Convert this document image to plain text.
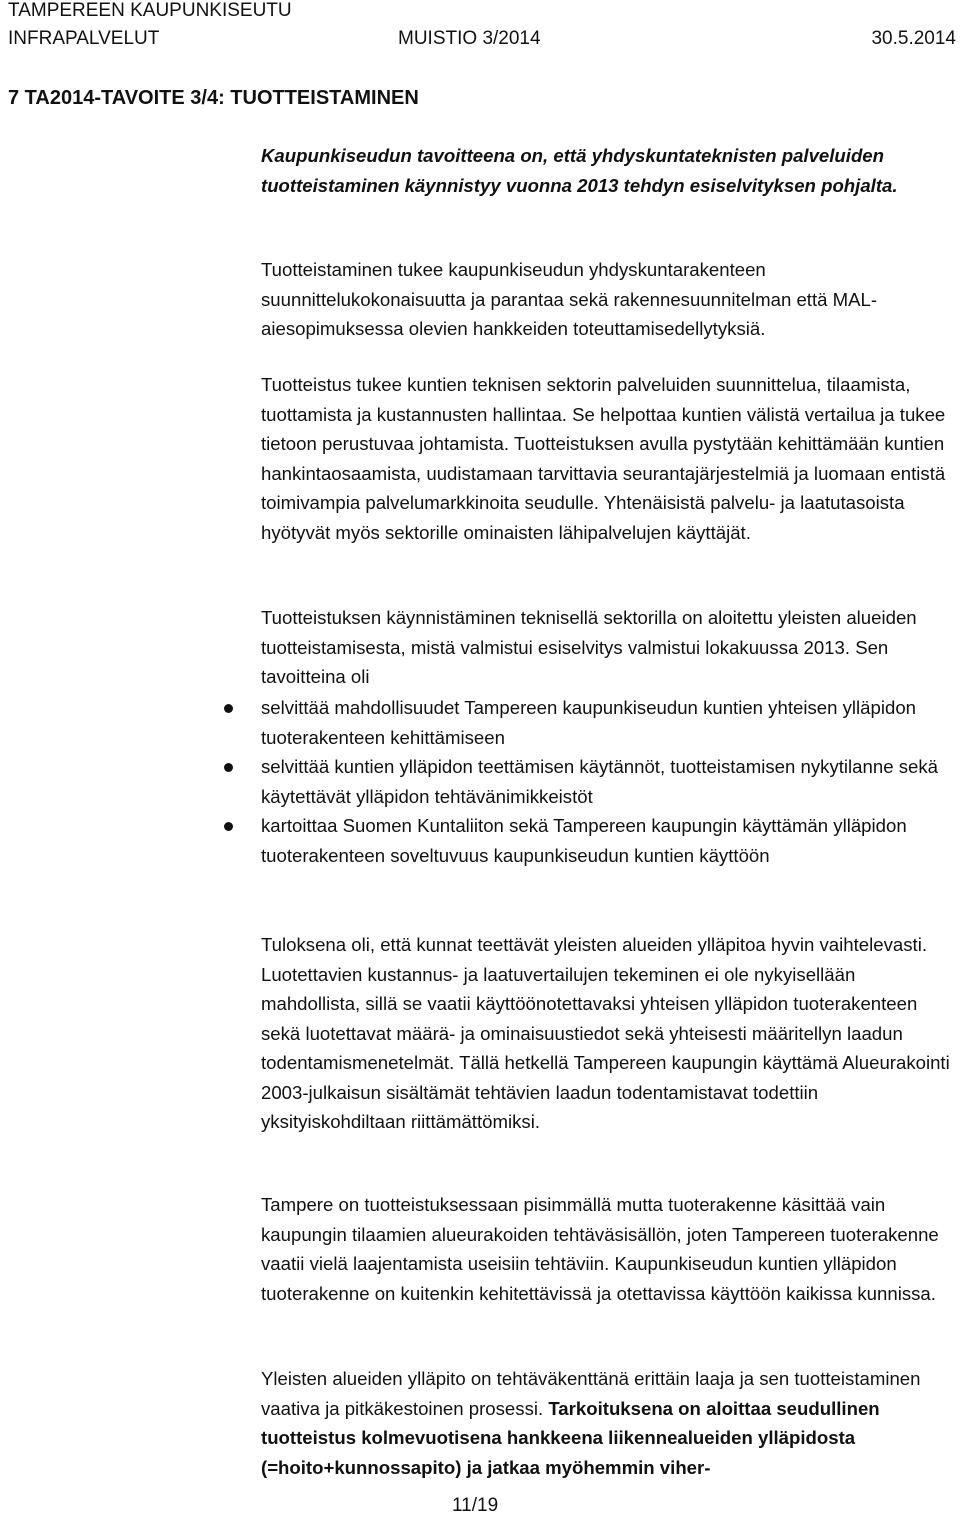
TAMPEREEN KAUPUNKISEUTU
INFRAPALVELUT	MUISTIO 3/2014	30.5.2014
7 TA2014-TAVOITE 3/4: TUOTTEISTAMINEN

Kaupunkiseudun tavoitteena on, että yhdyskuntateknisten palveluiden tuotteistaminen käynnistyy vuonna 2013 tehdyn esiselvityksen pohjalta.

Tuotteistaminen tukee kaupunkiseudun yhdyskuntarakenteen suunnittelukokonaisuutta ja parantaa sekä rakennesuunnitelman että MAL-aiesopimuksessa olevien hankkeiden toteuttamisedellytyksiä.

Tuotteistus tukee kuntien teknisen sektorin palveluiden suunnittelua, tilaamista, tuottamista ja kustannusten hallintaa. Se helpottaa kuntien välistä vertailua ja tukee tietoon perustuvaa johtamista. Tuotteistuksen avulla pystytään kehittämään kuntien hankintaosaamista, uudistamaan tarvittavia seurantajärjestelmiä ja luomaan entistä toimivampia palvelumarkkinoita seudulle. Yhtenäisistä palvelu- ja laatutasoista hyötyvät myös sektorille ominaisten lähipalvelujen käyttäjät.

Tuotteistuksen käynnistäminen teknisellä sektorilla on aloitettu yleisten alueiden tuotteistamisesta, mistä valmistui esiselvitys valmistui lokakuussa 2013. Sen tavoitteina oli

selvittää mahdollisuudet Tampereen kaupunkiseudun kuntien yhteisen ylläpidon tuoterakenteen kehittämiseen
selvittää kuntien ylläpidon teettämisen käytännöt, tuotteistamisen nykytilanne sekä käytettävät ylläpidon tehtävänimikkeistöt
kartoittaa Suomen Kuntaliiton sekä Tampereen kaupungin käyttämän ylläpidon tuoterakenteen soveltuvuus kaupunkiseudun kuntien käyttöön

Tuloksena oli, että kunnat teettävät yleisten alueiden ylläpitoa hyvin vaihtelevasti. Luotettavien kustannus- ja laatuvertailujen tekeminen ei ole nykyisellään mahdollista, sillä se vaatii käyttöönotettavaksi yhteisen ylläpidon tuoterakenteen sekä luotettavat määrä- ja ominaisuustiedot sekä yhteisesti määritellyn laadun todentamismenetelmät. Tällä hetkellä Tampereen kaupungin käyttämä Alueurakointi 2003-julkaisun sisältämät tehtävien laadun todentamistavat todettiin yksityiskohdiltaan riittämättömiksi.

Tampere on tuotteistuksessaan pisimmällä mutta tuoterakenne käsittää vain kaupungin tilaamien alueurakoiden tehtäväsisällön, joten Tampereen tuoterakenne vaatii vielä laajentamista useisiin tehtäviin. Kaupunkiseudun kuntien ylläpidon tuoterakenne on kuitenkin kehitettävissä ja otettavissa käyttöön kaikissa kunnissa.

Yleisten alueiden ylläpito on tehtäväkenttänä erittäin laaja ja sen tuotteistaminen vaativa ja pitkäkestoinen prosessi. Tarkoituksena on aloittaa seudullinen tuotteistus kolmevuotisena hankkeena liikennealueiden ylläpidosta (=hoito+kunnossapito) ja jatkaa myöhemmin viher-

11/19
